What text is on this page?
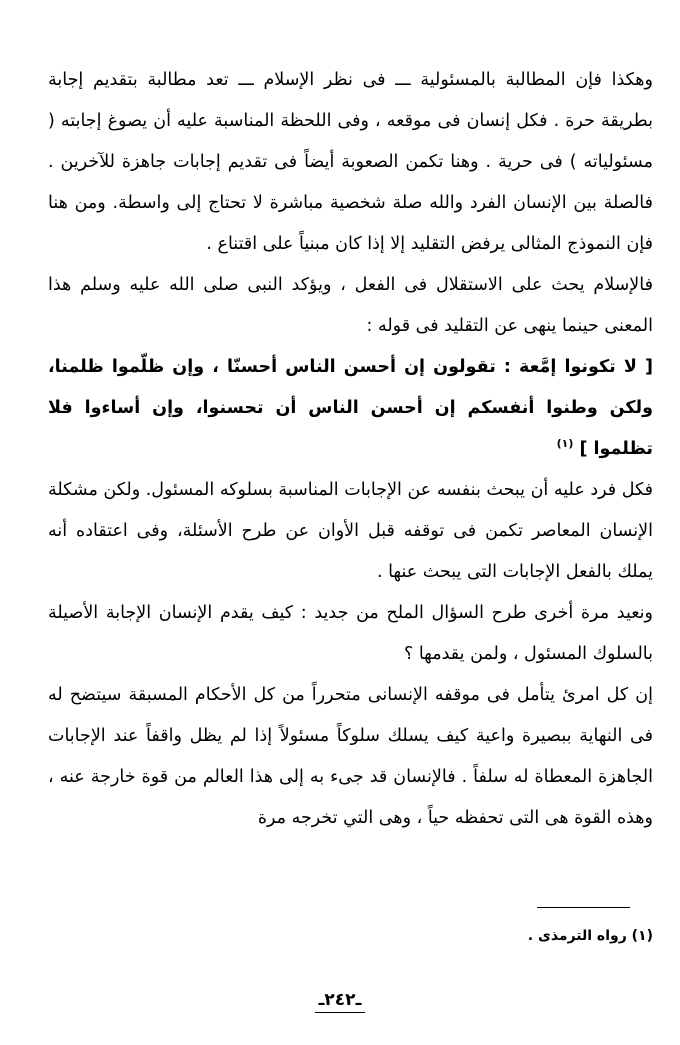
وهكذا فإن المطالبة بالمسئولية ـــ فى نظر الإسلام ـــ تعد مطالبة بتقديم إجابة بطريقة حرة . فكل إنسان فى موقعه ، وفى اللحظة المناسبة عليه أن يصوغ إجابته ( مسئولياته ) فى حرية . وهنا تكمن الصعوبة أيضاً فى تقديم إجابات جاهزة للآخرين . فالصلة بين الإنسان الفرد والله صلة شخصية مباشرة لا تحتاج إلى واسطة. ومن هنا فإن النموذج المثالى يرفض التقليد إلا إذا كان مبنياً على اقتناع .

فالإسلام يحث على الاستقلال فى الفعل ، ويؤكد النبى صلى الله عليه وسلم هذا المعنى حينما ينهى عن التقليد فى قوله :

[ لا تكونوا إمَّعة : تقولون إن أحسن الناس أحسنّا ، وإن ظلّموا ظلمنا، ولكن وطنوا أنفسكم إن أحسن الناس أن تحسنوا، وإن أساءوا فلا تظلموا ] $^{(١)}$

فكل فرد عليه أن يبحث بنفسه عن الإجابات المناسبة بسلوكه المسئول. ولكن مشكلة الإنسان المعاصر تكمن فى توقفه قبل الأوان عن طرح الأسئلة، وفى اعتقاده أنه يملك بالفعل الإجابات التى يبحث عنها .

ونعيد مرة أخرى طرح السؤال الملح من جديد : كيف يقدم الإنسان الإجابة الأصيلة بالسلوك المسئول ، ولمن يقدمها ؟

إن كل امرئ يتأمل فى موقفه الإنسانى متحرراً من كل الأحكام المسبقة سيتضح له فى النهاية ببصيرة واعية كيف يسلك سلوكاً مسئولاً إذا لم يظل واقفاً عند الإجابات الجاهزة المعطاة له سلفاً . فالإنسان قد جىء به إلى هذا العالم من قوة خارجة عنه ، وهذه القوة هى التى تحفظه حياً ، وهى التي تخرجه مرة

(١) رواه الترمذى .
ـ٢٤٢ـ
